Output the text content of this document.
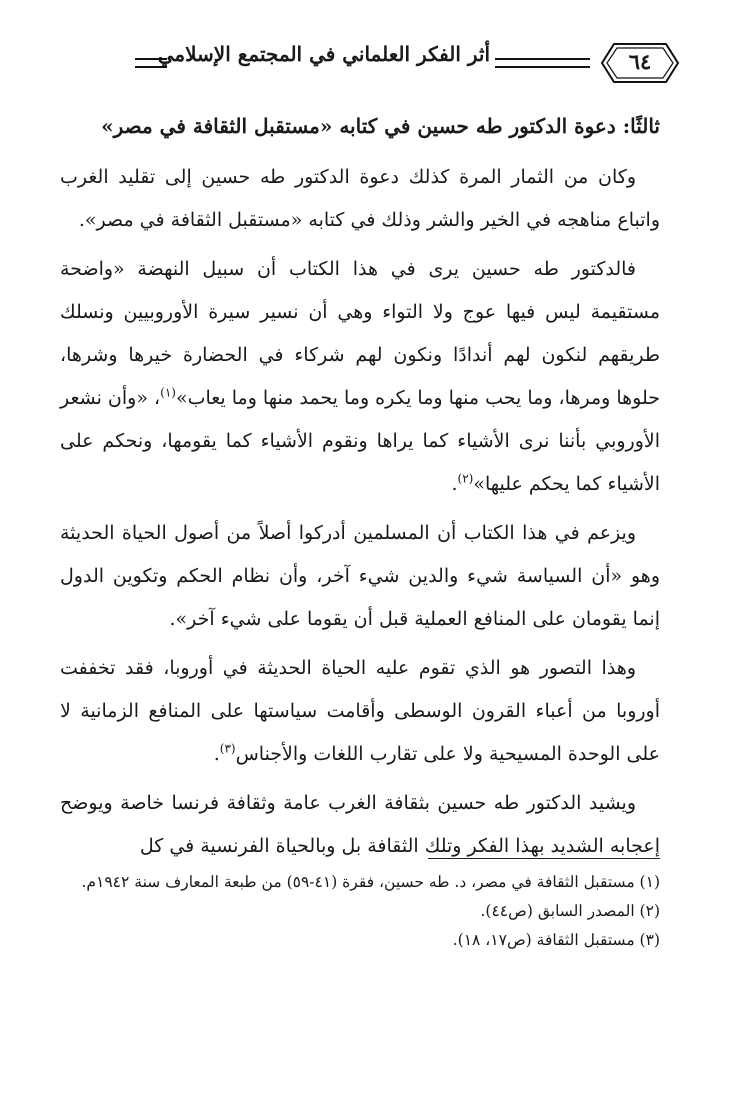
٦٤
أثر الفكر العلماني في المجتمع الإسلامي

ثالثًا: دعوة الدكتور طه حسين في كتابه «مستقبل الثقافة في مصر»

وكان من الثمار المرة كذلك دعوة الدكتور طه حسين إلى تقليد الغرب واتباع مناهجه في الخير والشر وذلك في كتابه «مستقبل الثقافة في مصر».

فالدكتور طه حسين يرى في هذا الكتاب أن سبيل النهضة «واضحة مستقيمة ليس فيها عوج ولا التواء وهي أن نسير سيرة الأوروبيين ونسلك طريقهم لنكون لهم أندادًا ونكون لهم شركاء في الحضارة خيرها وشرها، حلوها ومرها، وما يحب منها وما يكره وما يحمد منها وما يعاب»$^{(١)}$، «وأن نشعر الأوروبي بأننا نرى الأشياء كما يراها ونقوم الأشياء كما يقومها، ونحكم على الأشياء كما يحكم عليها»$^{(٢)}$.

ويزعم في هذا الكتاب أن المسلمين أدركوا أصلاً من أصول الحياة الحديثة وهو «أن السياسة شيء والدين شيء آخر، وأن نظام الحكم وتكوين الدول إنما يقومان على المنافع العملية قبل أن يقوما على شيء آخر».

وهذا التصور هو الذي تقوم عليه الحياة الحديثة في أوروبا، فقد تخففت أوروبا من أعباء القرون الوسطى وأقامت سياستها على المنافع الزمانية لا على الوحدة المسيحية ولا على تقارب اللغات والأجناس$^{(٣)}$.

ويشيد الدكتور طه حسين بثقافة الغرب عامة وثقافة فرنسا خاصة ويوضح إعجابه الشديد بهذا الفكر وتلك الثقافة بل وبالحياة الفرنسية في كل

(١) مستقبل الثقافة في مصر، د. طه حسين، فقرة (٤١-٥٩) من طبعة المعارف سنة ١٩٤٢م.

(٢) المصدر السابق (ص٤٤).

(٣) مستقبل الثقافة (ص١٧، ١٨).
